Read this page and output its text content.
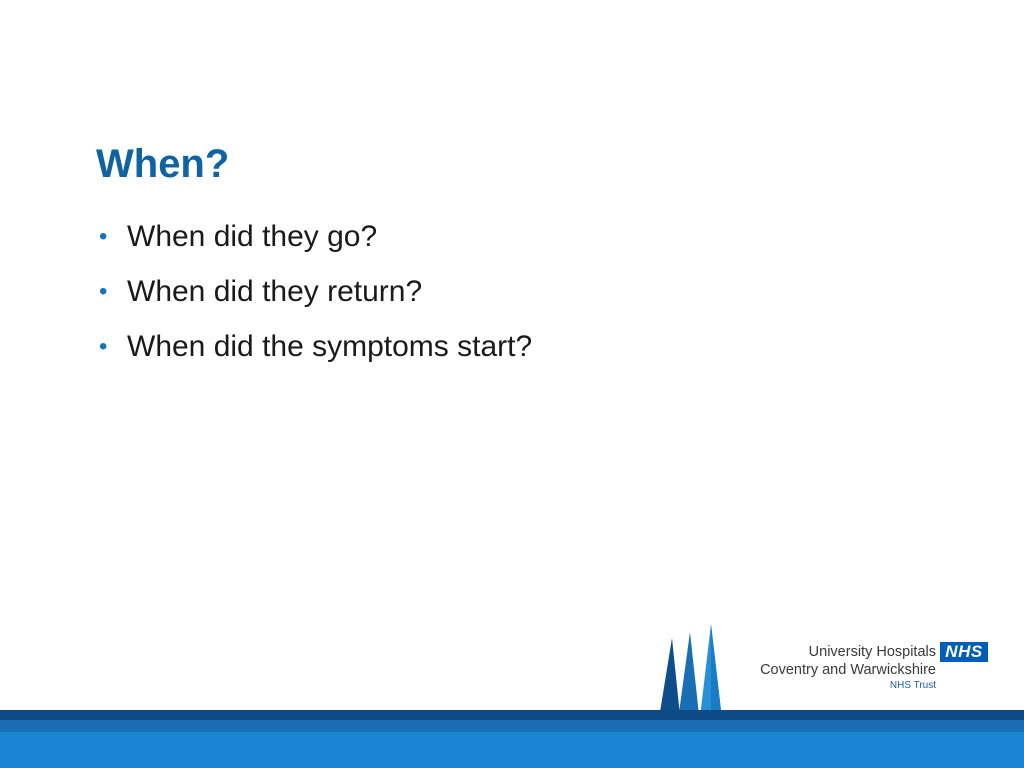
When?
• When did they go?
• When did they return?
• When did the symptoms start?
University Hospitals
Coventry and Warwickshire
NHS Trust
NHS
